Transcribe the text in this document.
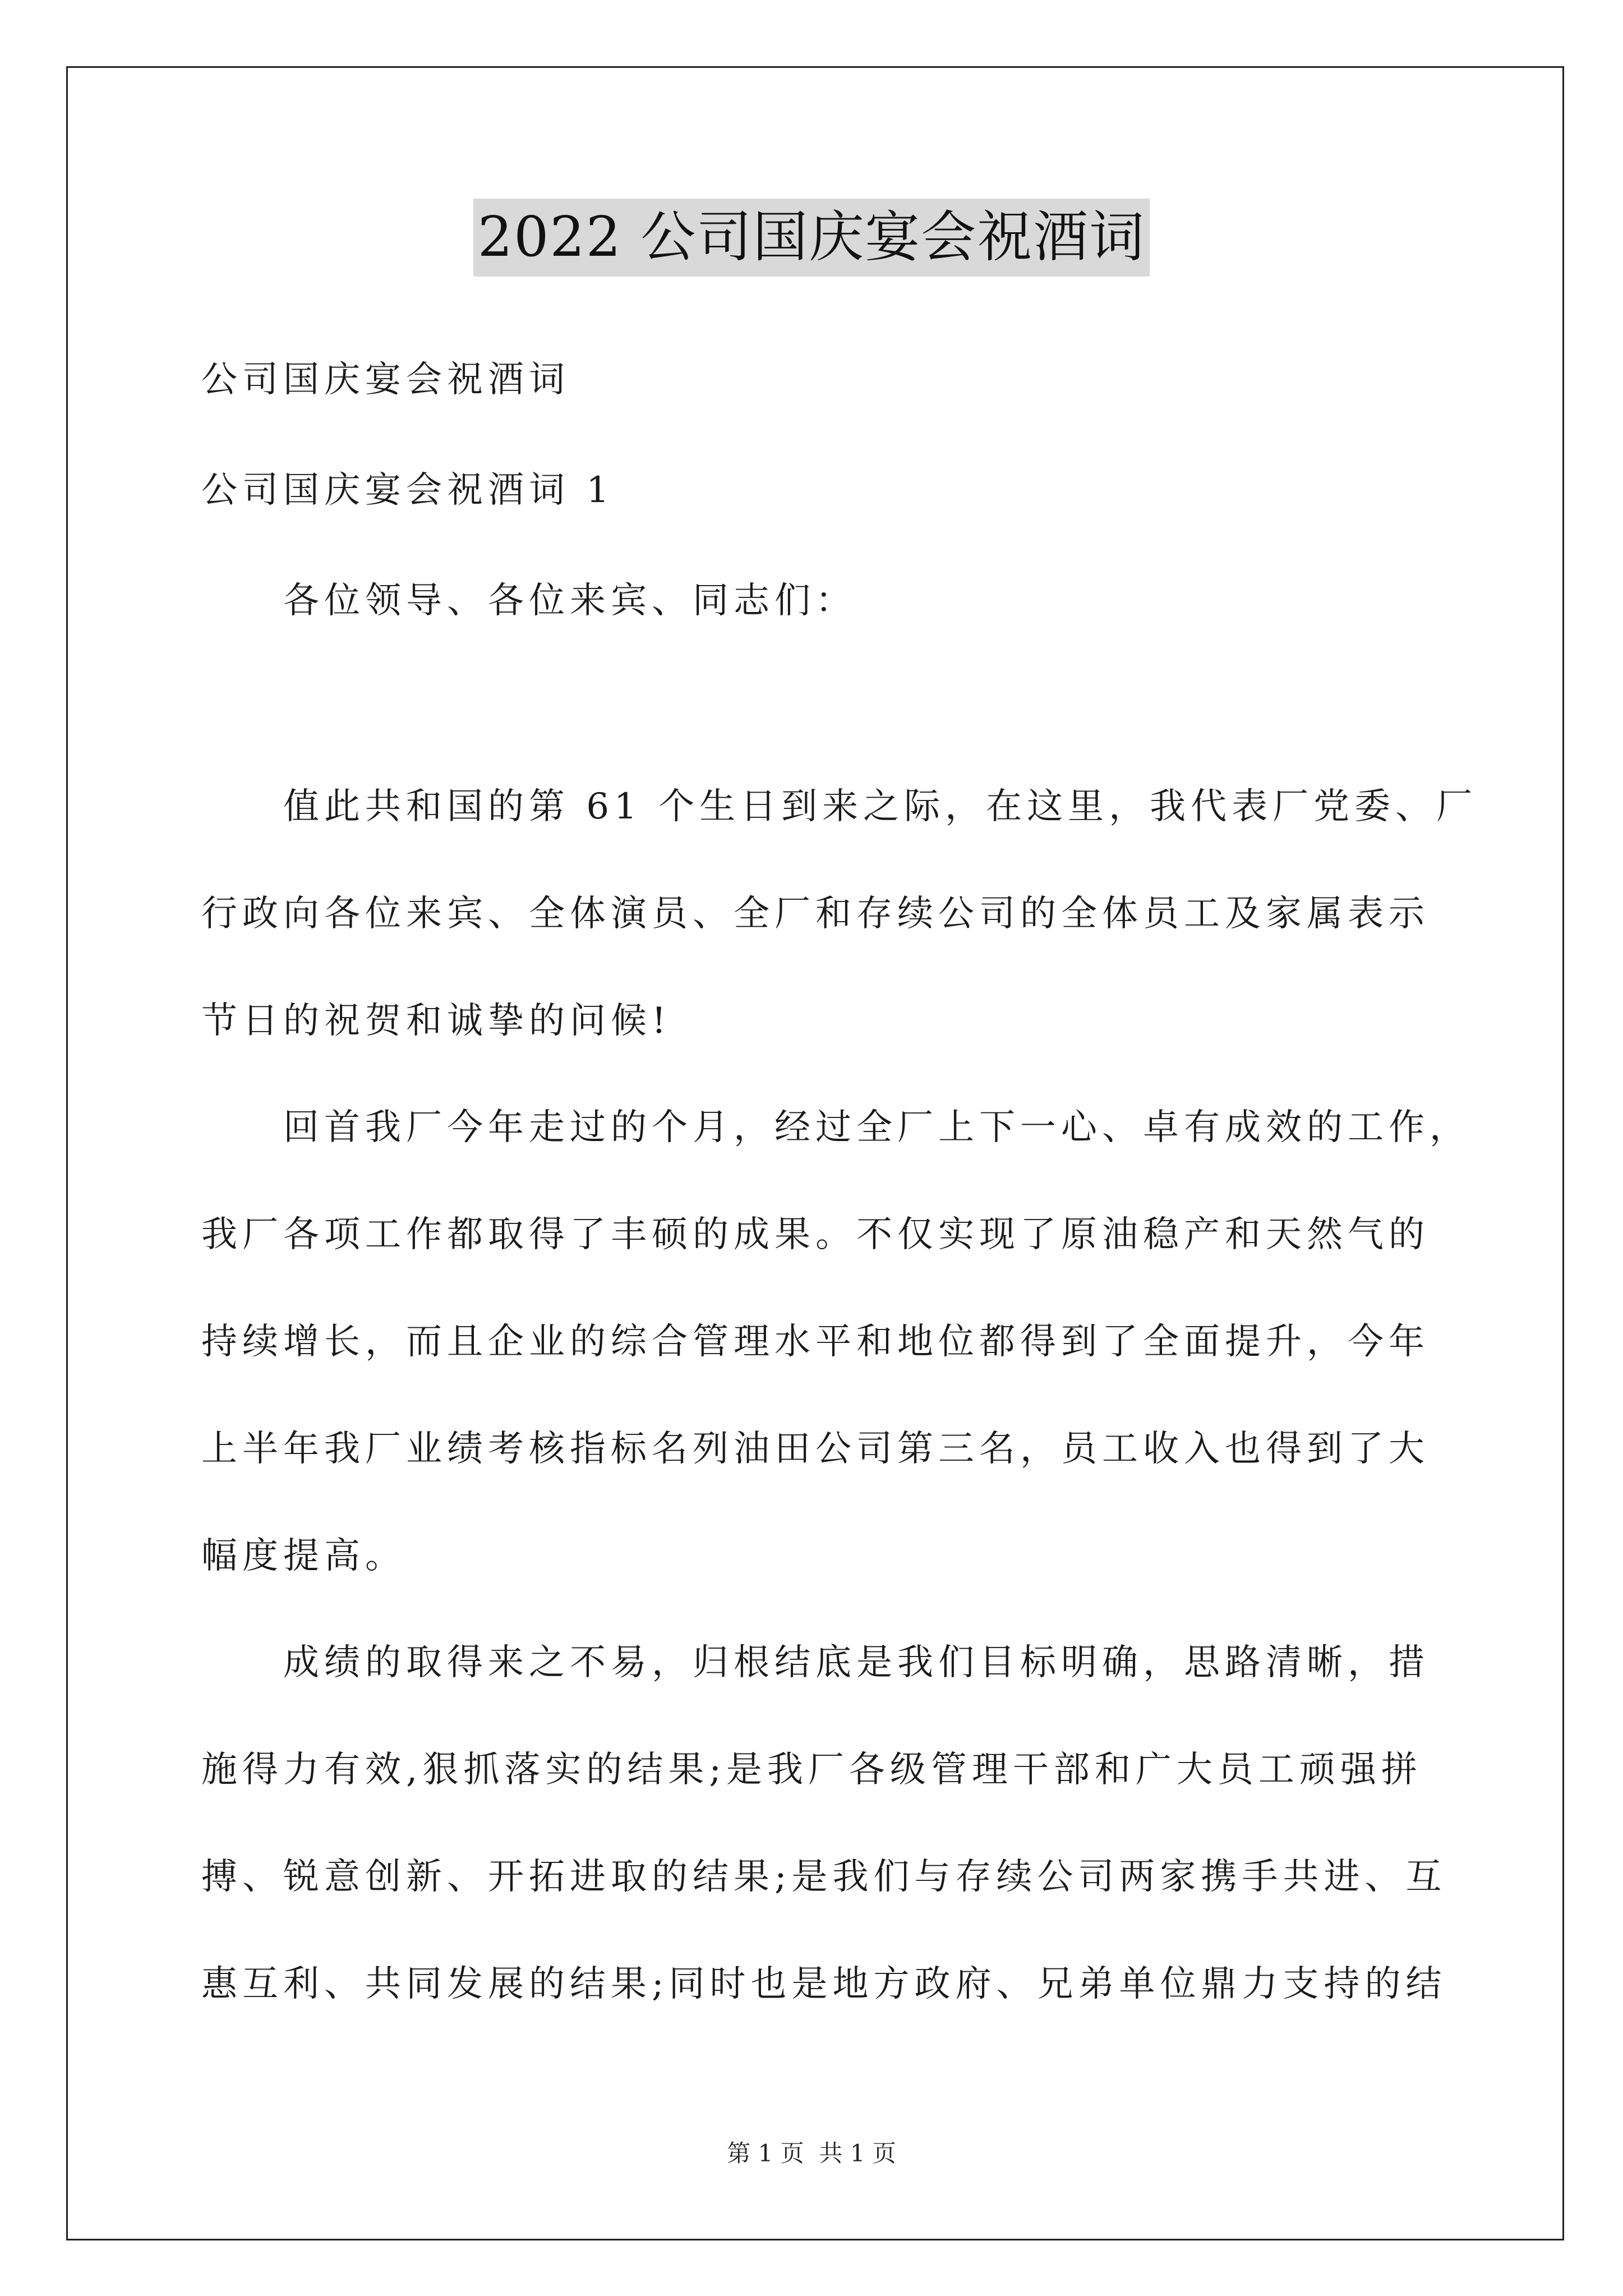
2022 公司国庆宴会祝酒词
公司国庆宴会祝酒词
公司国庆宴会祝酒词 1
各位领导、各位来宾、同志们：
值此共和国的第 61 个生日到来之际，在这里，我代表厂党委、厂
行政向各位来宾、全体演员、全厂和存续公司的全体员工及家属表示
节日的祝贺和诚挚的问候!
回首我厂今年走过的个月，经过全厂上下一心、卓有成效的工作，
我厂各项工作都取得了丰硕的成果。不仅实现了原油稳产和天然气的
持续增长，而且企业的综合管理水平和地位都得到了全面提升，今年
上半年我厂业绩考核指标名列油田公司第三名，员工收入也得到了大
幅度提高。
成绩的取得来之不易，归根结底是我们目标明确，思路清晰，措
施得力有效,狠抓落实的结果;是我厂各级管理干部和广大员工顽强拼
搏、锐意创新、开拓进取的结果;是我们与存续公司两家携手共进、互
惠互利、共同发展的结果;同时也是地方政府、兄弟单位鼎力支持的结
第 1 页  共 1 页
